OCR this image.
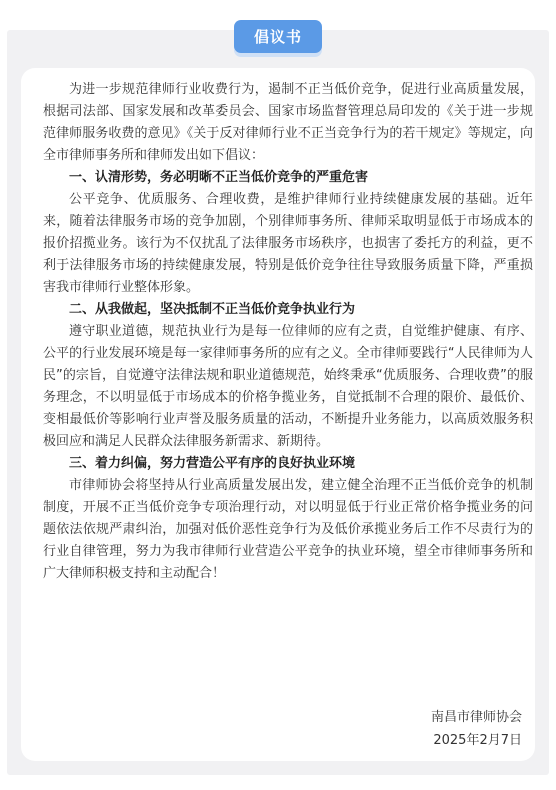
倡议书

为进一步规范律师行业收费行为，遏制不正当低价竞争，促进行业高质量发展，根据司法部、国家发展和改革委员会、国家市场监督管理总局印发的《关于进一步规范律师服务收费的意见》《关于反对律师行业不正当竞争行为的若干规定》等规定，向全市律师事务所和律师发出如下倡议：

一、认清形势，务必明晰不正当低价竞争的严重危害

公平竞争、优质服务、合理收费，是维护律师行业持续健康发展的基础。近年来，随着法律服务市场的竞争加剧，个别律师事务所、律师采取明显低于市场成本的报价招揽业务。该行为不仅扰乱了法律服务市场秩序，也损害了委托方的利益，更不利于法律服务市场的持续健康发展，特别是低价竞争往往导致服务质量下降，严重损害我市律师行业整体形象。

二、从我做起，坚决抵制不正当低价竞争执业行为

遵守职业道德，规范执业行为是每一位律师的应有之责，自觉维护健康、有序、公平的行业发展环境是每一家律师事务所的应有之义。全市律师要践行“人民律师为人民”的宗旨，自觉遵守法律法规和职业道德规范，始终秉承“优质服务、合理收费”的服务理念，不以明显低于市场成本的价格争揽业务，自觉抵制不合理的限价、最低价、变相最低价等影响行业声誉及服务质量的活动，不断提升业务能力，以高质效服务积极回应和满足人民群众法律服务新需求、新期待。

三、着力纠偏，努力营造公平有序的良好执业环境

市律师协会将坚持从行业高质量发展出发，建立健全治理不正当低价竞争的机制制度，开展不正当低价竞争专项治理行动，对以明显低于行业正常价格争揽业务的问题依法依规严肃纠治，加强对低价恶性竞争行为及低价承揽业务后工作不尽责行为的行业自律管理，努力为我市律师行业营造公平竞争的执业环境，望全市律师事务所和广大律师积极支持和主动配合！

南昌市律师协会
2025年2月7日
